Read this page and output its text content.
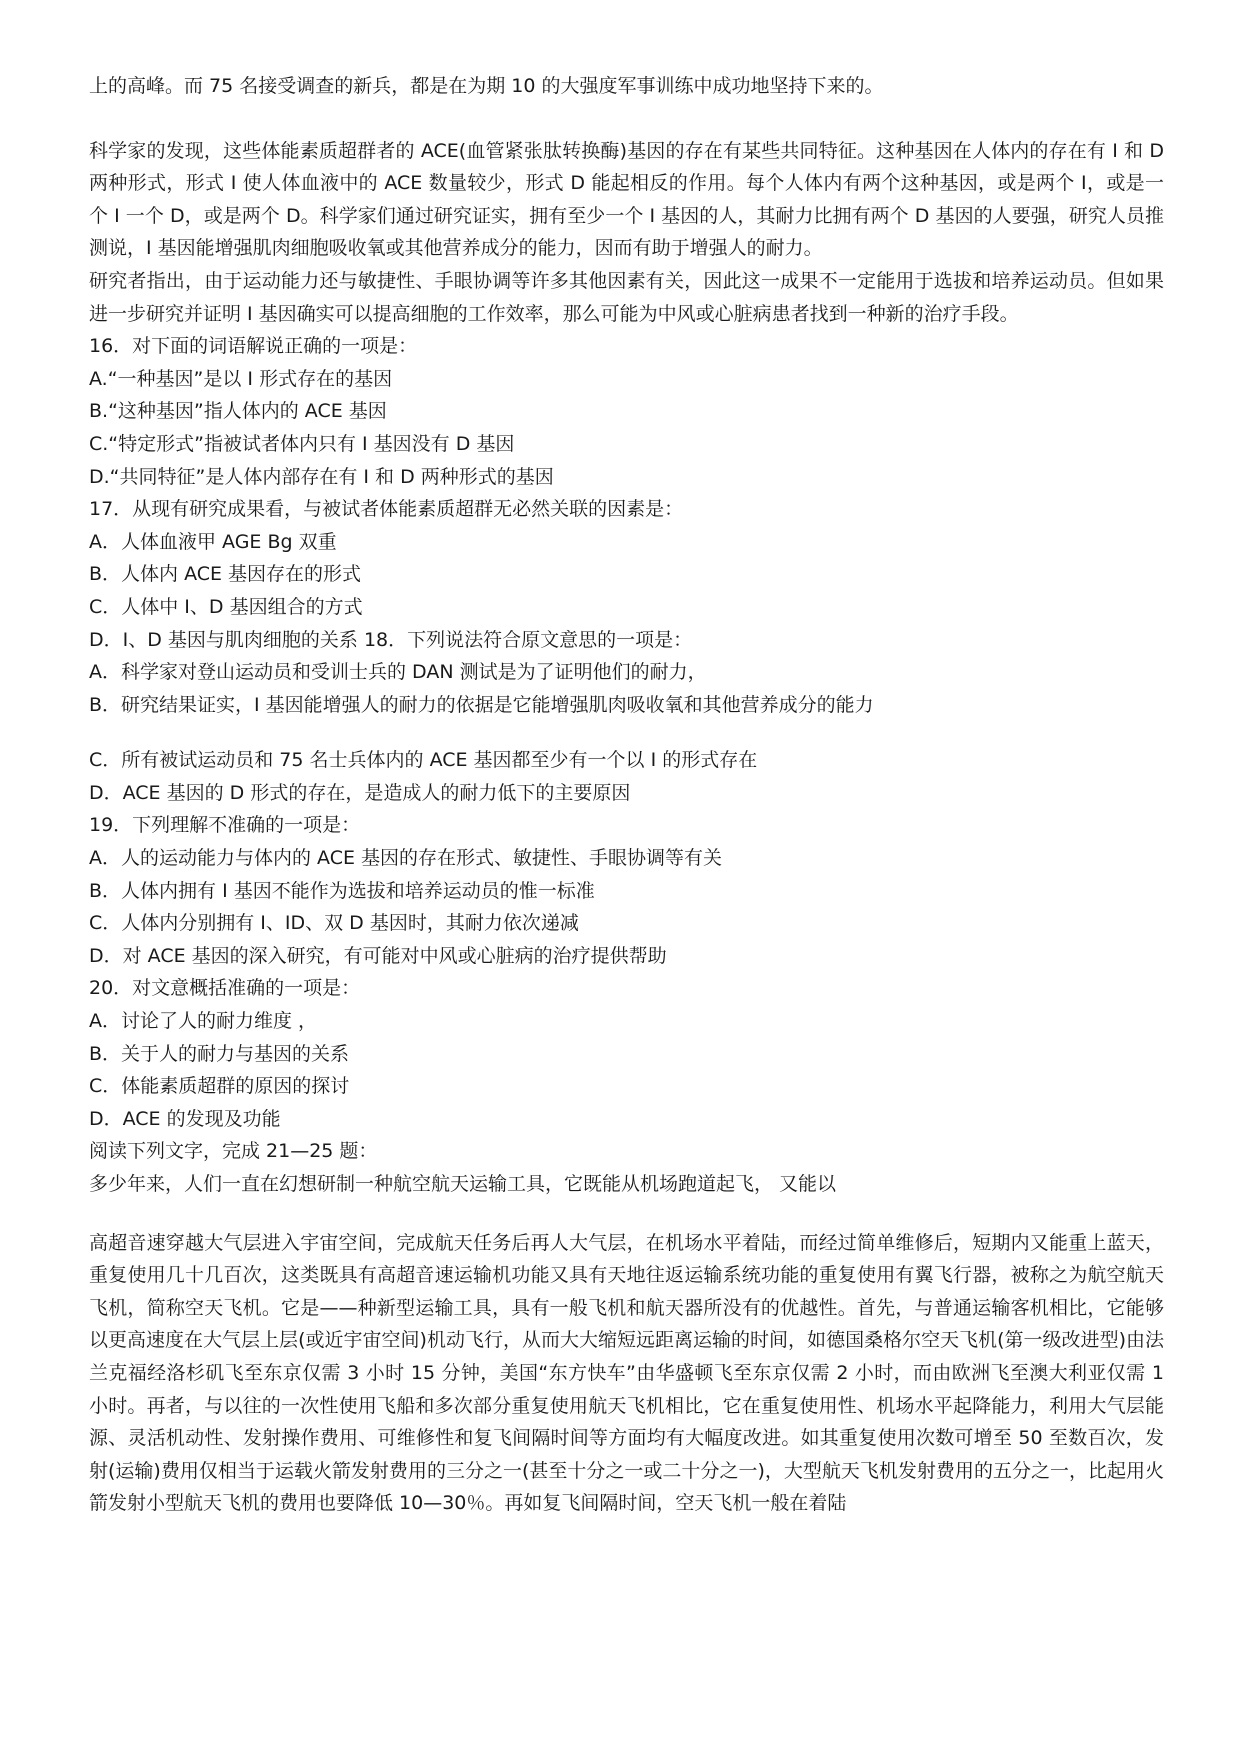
上的高峰。而 75 名接受调查的新兵，都是在为期 10 的大强度军事训练中成功地坚持下来的。

科学家的发现，这些体能素质超群者的 ACE(血管紧张肽转换酶)基因的存在有某些共同特征。这种基因在人体内的存在有 I 和 D 两种形式，形式 I 使人体血液中的 ACE 数量较少，形式 D 能起相反的作用。每个人体内有两个这种基因，或是两个 I，或是一个 I 一个 D，或是两个 D。科学家们通过研究证实，拥有至少一个 I 基因的人，其耐力比拥有两个 D 基因的人要强，研究人员推测说，I 基因能增强肌肉细胞吸收氧或其他营养成分的能力，因而有助于增强人的耐力。

研究者指出，由于运动能力还与敏捷性、手眼协调等许多其他因素有关，因此这一成果不一定能用于选拔和培养运动员。但如果进一步研究并证明 I 基因确实可以提高细胞的工作效率，那么可能为中风或心脏病患者找到一种新的治疗手段。

16．对下面的词语解说正确的一项是：

A.“一种基因”是以 I 形式存在的基因

B.“这种基因”指人体内的 ACE 基因

C.“特定形式”指被试者体内只有 I 基因没有 D 基因

D.“共同特征”是人体内部存在有 I 和 D 两种形式的基因

17．从现有研究成果看，与被试者体能素质超群无必然关联的因素是：

A．人体血液甲 AGE Bg 双重

B．人体内 ACE 基因存在的形式

C．人体中 I、D 基因组合的方式

D．I、D 基因与肌肉细胞的关系 18．下列说法符合原文意思的一项是：

A．科学家对登山运动员和受训士兵的 DAN 测试是为了证明他们的耐力，

B．研究结果证实，I 基因能增强人的耐力的依据是它能增强肌肉吸收氧和其他营养成分的能力

C．所有被试运动员和 75 名士兵体内的 ACE 基因都至少有一个以 I 的形式存在

D．ACE 基因的 D 形式的存在，是造成人的耐力低下的主要原因

19．下列理解不准确的一项是：

A．人的运动能力与体内的 ACE 基因的存在形式、敏捷性、手眼协调等有关

B．人体内拥有 I 基因不能作为选拔和培养运动员的惟一标准

C．人体内分别拥有 I、ID、双 D 基因时，其耐力依次递减

D．对 ACE 基因的深入研究，有可能对中风或心脏病的治疗提供帮助

20．对文意概括准确的一项是：

A．讨论了人的耐力维度 ，

B．关于人的耐力与基因的关系

C．体能素质超群的原因的探讨

D．ACE 的发现及功能

阅读下列文字，完成 21—25 题：

多少年来，人们一直在幻想研制一种航空航天运输工具，它既能从机场跑道起飞， 又能以

高超音速穿越大气层进入宇宙空间，完成航天任务后再人大气层，在机场水平着陆，而经过简单维修后，短期内又能重上蓝天，重复使用几十几百次，这类既具有高超音速运输机功能又具有天地往返运输系统功能的重复使用有翼飞行器，被称之为航空航天飞机，简称空天飞机。它是——种新型运输工具，具有一般飞机和航天器所没有的优越性。首先，与普通运输客机相比，它能够以更高速度在大气层上层(或近宇宙空间)机动飞行，从而大大缩短远距离运输的时间，如德国桑格尔空天飞机(第一级改进型)由法兰克福经洛杉矶飞至东京仅需 3 小时 15 分钟，美国“东方快车”由华盛顿飞至东京仅需 2 小时，而由欧洲飞至澳大利亚仅需 1 小时。再者，与以往的一次性使用飞船和多次部分重复使用航天飞机相比，它在重复使用性、机场水平起降能力，利用大气层能源、灵活机动性、发射操作费用、可维修性和复飞间隔时间等方面均有大幅度改进。如其重复使用次数可增至 50 至数百次，发射(运输)费用仅相当于运载火箭发射费用的三分之一(甚至十分之一或二十分之一)，大型航天飞机发射费用的五分之一，比起用火箭发射小型航天飞机的费用也要降低 10—30％。再如复飞间隔时间，空天飞机一般在着陆
